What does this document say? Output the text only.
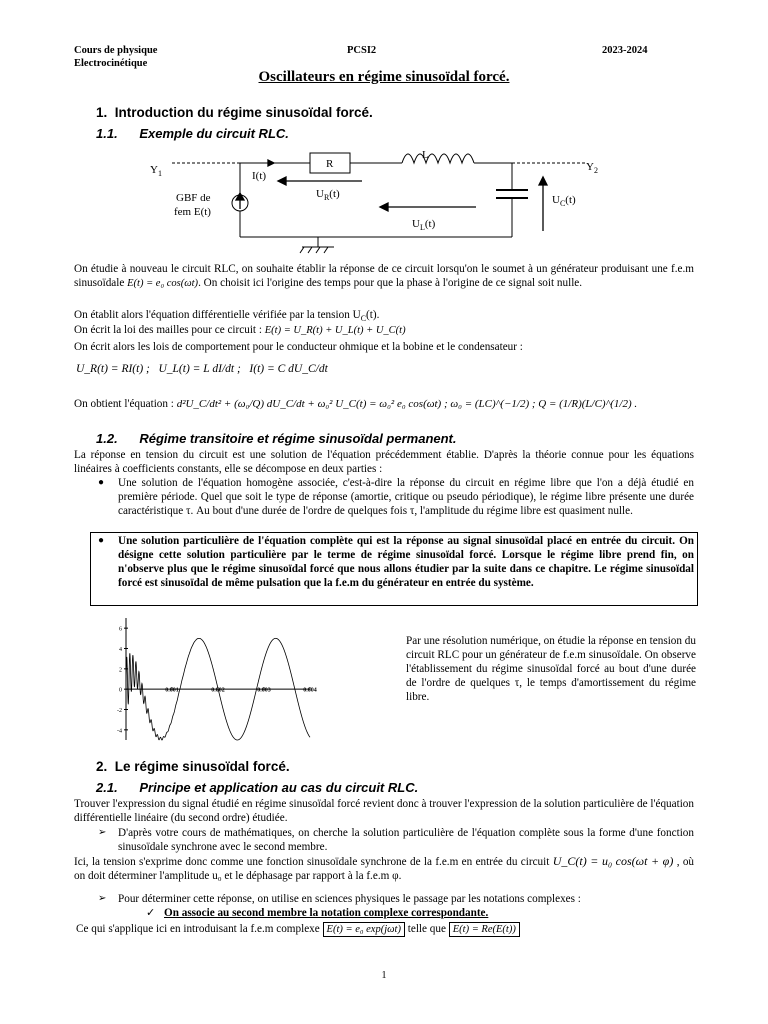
Cours de physique
Electrocinétique
PCSI2	2023-2024
Oscillateurs en régime sinusoïdal forcé.
1. Introduction du régime sinusoïdal forcé.
1.1. Exemple du circuit RLC.
$Y_1$
$Y_2$
R
L
I(t)
GBF de
fem E(t)
$U_R(t)$
$U_L(t)$
$U_C(t)$
On étudie à nouveau le circuit RLC, on souhaite établir la réponse de ce circuit lorsqu'on le soumet à un générateur produisant une f.e.m sinusoïdale E(t) = e₀ cos(ωt). On choisit ici l'origine des temps pour que la phase à l'origine de ce signal soit nulle.
On établit alors l'équation différentielle vérifiée par la tension $U_C(t)$.
On écrit la loi des mailles pour ce circuit : E(t) = U_R(t) + U_L(t) + U_C(t)
On écrit alors les lois de comportement pour le conducteur ohmique et la bobine et le condensateur :
U_R(t) = RI(t) ; U_L(t) = L dI/dt ; I(t) = C dU_C/dt
On obtient l'équation : d²U_C/dt² + (ω₀/Q) dU_C/dt + ω₀² U_C(t) = ω₀² e₀ cos(ωt) ; ω₀ = (LC)^(−1/2) ; Q = (1/R)(L/C)^(1/2) .
1.2. Régime transitoire et régime sinusoïdal permanent.
La réponse en tension du circuit est une solution de l'équation précédemment établie. D'après la théorie connue pour les équations linéaires à coefficients constants, elle se décompose en deux parties :
● Une solution de l'équation homogène associée, c'est-à-dire la réponse du circuit en régime libre que l'on a déjà étudié en première période. Quel que soit le type de réponse (amortie, critique ou pseudo périodique), le régime libre présente une durée caractéristique τ. Au bout d'une durée de l'ordre de quelques fois τ, l'amplitude du régime libre est quasiment nulle.
● Une solution particulière de l'équation complète qui est la réponse au signal sinusoïdal placé en entrée du circuit. On désigne cette solution particulière par le terme de régime sinusoïdal forcé. Lorsque le régime libre prend fin, on n'observe plus que le régime sinusoïdal forcé que nous allons étudier par la suite dans ce chapitre. Le régime sinusoïdal forcé est sinusoïdal de même pulsation que la f.e.m du générateur en entrée du système.
6
4
2
0
-2
-4
0.001	0.002	0.003	0.004
Par une résolution numérique, on étudie la réponse en tension du circuit RLC pour un générateur de f.e.m sinusoïdale. On observe l'établissement du régime sinusoïdal forcé au bout d'une durée de l'ordre de quelques τ, le temps d'amortissement du régime libre.
2. Le régime sinusoïdal forcé.
2.1. Principe et application au cas du circuit RLC.
Trouver l'expression du signal étudié en régime sinusoïdal forcé revient donc à trouver l'expression de la solution particulière de l'équation différentielle linéaire (du second ordre) étudiée.
➢ D'après votre cours de mathématiques, on cherche la solution particulière de l'équation complète sous la forme d'une fonction sinusoïdale synchrone avec le second membre.
Ici, la tension s'exprime donc comme une fonction sinusoïdale synchrone de la f.e.m en entrée du circuit U_C(t) = u₀ cos(ωt + φ) , où on doit déterminer l'amplitude u₀ et le déphasage par rapport à la f.e.m φ.
➢ Pour déterminer cette réponse, on utilise en sciences physiques le passage par les notations complexes :
✓ On associe au second membre la notation complexe correspondante.
Ce qui s'applique ici en introduisant la f.e.m complexe E(t) = e₀ exp(jωt) telle que E(t) = Re(E(t))
1
